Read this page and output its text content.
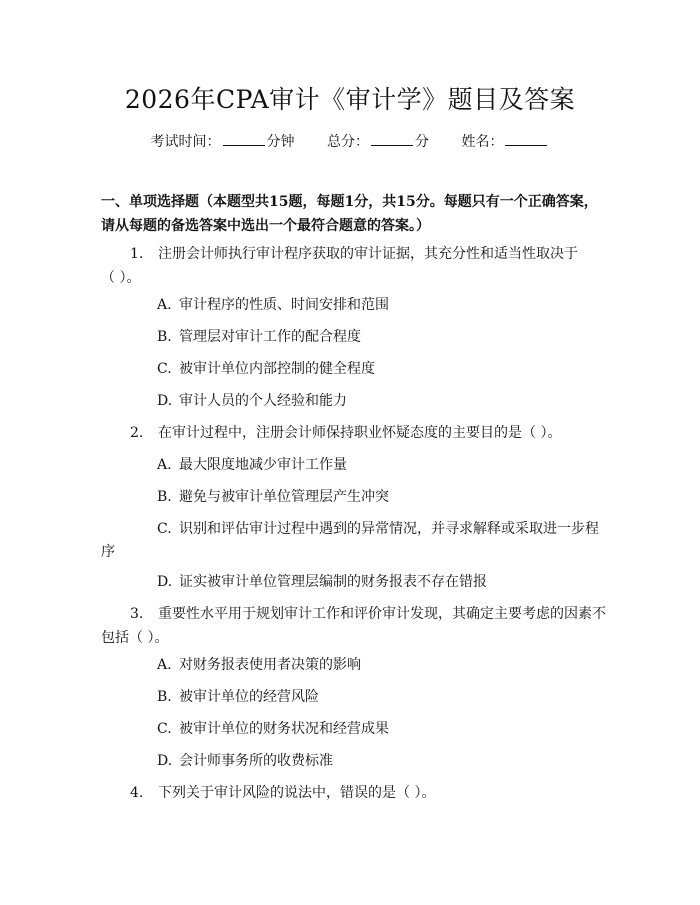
2026年CPA审计《审计学》题目及答案
考试时间：	分钟 总分：	分 姓名：

一、单项选择题（本题型共15题，每题1分，共15分。每题只有一个正确答案，请从每题的备选答案中选出一个最符合题意的答案。）

1. 注册会计师执行审计程序获取的审计证据，其充分性和适当性取决于
（ ）。
A. 审计程序的性质、时间安排和范围
B. 管理层对审计工作的配合程度
C. 被审计单位内部控制的健全程度
D. 审计人员的个人经验和能力
2. 在审计过程中，注册会计师保持职业怀疑态度的主要目的是（ ）。
A. 最大限度地减少审计工作量
B. 避免与被审计单位管理层产生冲突
C. 识别和评估审计过程中遇到的异常情况，并寻求解释或采取进一步程
序
D. 证实被审计单位管理层编制的财务报表不存在错报
3. 重要性水平用于规划审计工作和评价审计发现，其确定主要考虑的因素不
包括（ ）。
A. 对财务报表使用者决策的影响
B. 被审计单位的经营风险
C. 被审计单位的财务状况和经营成果
D. 会计师事务所的收费标准
4. 下列关于审计风险的说法中，错误的是（ ）。
